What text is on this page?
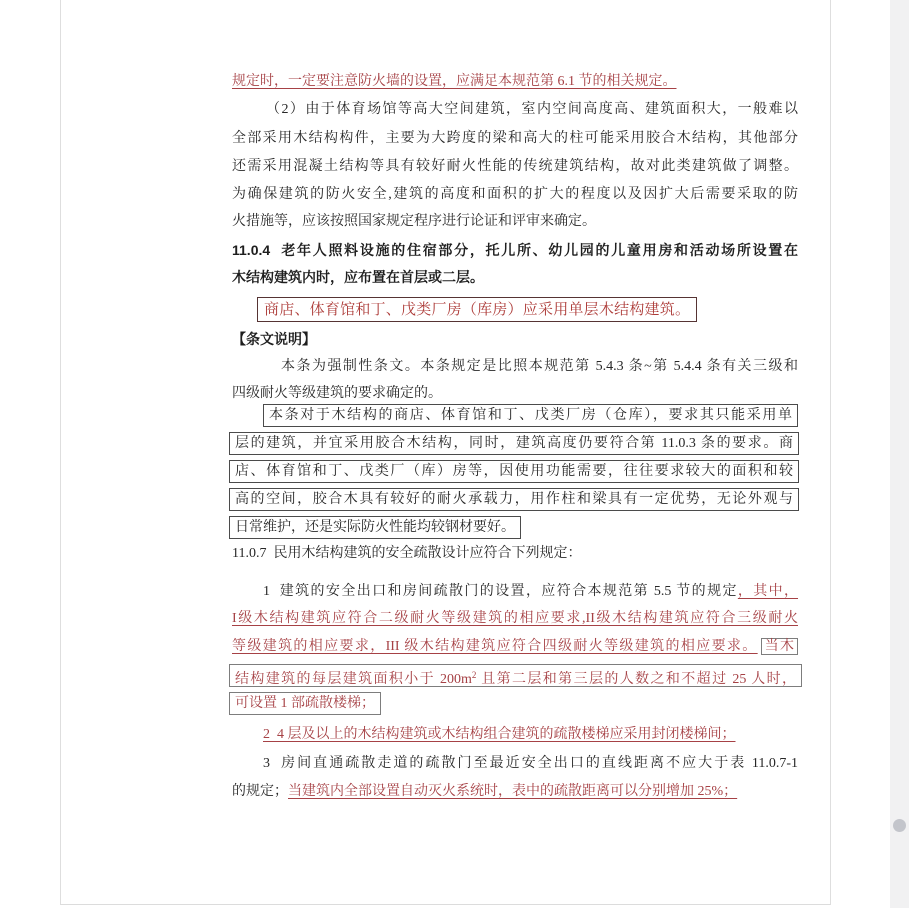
规定时，一定要注意防火墙的设置，应满足本规范第 6.1 节的相关规定。
（2）由于体育场馆等高大空间建筑，室内空间高度高、建筑面积大，一般难以
全部采用木结构构件，主要为大跨度的梁和高大的柱可能采用胶合木结构，其他部分
还需采用混凝土结构等具有较好耐火性能的传统建筑结构，故对此类建筑做了调整。
为确保建筑的防火安全,建筑的高度和面积的扩大的程度以及因扩大后需要采取的防
火措施等，应该按照国家规定程序进行论证和评审来确定。
11.0.4  老年人照料设施的住宿部分，托儿所、幼儿园的儿童用房和活动场所设置在
木结构建筑内时，应布置在首层或二层。
商店、体育馆和丁、戊类厂房（库房）应采用单层木结构建筑。
【条文说明】
本条为强制性条文。本条规定是比照本规范第 5.4.3 条~第 5.4.4 条有关三级和
四级耐火等级建筑的要求确定的。
本条对于木结构的商店、体育馆和丁、戊类厂房（仓库），要求其只能采用单
层的建筑，并宜采用胶合木结构，同时，建筑高度仍要符合第 11.0.3 条的要求。商
店、体育馆和丁、戊类厂（库）房等，因使用功能需要，往往要求较大的面积和较
高的空间，胶合木具有较好的耐火承载力，用作柱和梁具有一定优势，无论外观与
日常维护，还是实际防火性能均较钢材要好。
11.0.7  民用木结构建筑的安全疏散设计应符合下列规定：
1  建筑的安全出口和房间疏散门的设置，应符合本规范第 5.5 节的规定，其中，
I级木结构建筑应符合二级耐火等级建筑的相应要求,II级木结构建筑应符合三级耐火
等级建筑的相应要求，III 级木结构建筑应符合四级耐火等级建筑的相应要求。 当木
结构建筑的每层建筑面积小于 $200m^2$ 且第二层和第三层的人数之和不超过 25 人时，
可设置 1 部疏散楼梯；
2  4 层及以上的木结构建筑或木结构组合建筑的疏散楼梯应采用封闭楼梯间；
3  房间直通疏散走道的疏散门至最近安全出口的直线距离不应大于表 11.0.7-1
的规定；当建筑内全部设置自动灭火系统时，表中的疏散距离可以分别增加 25%；
